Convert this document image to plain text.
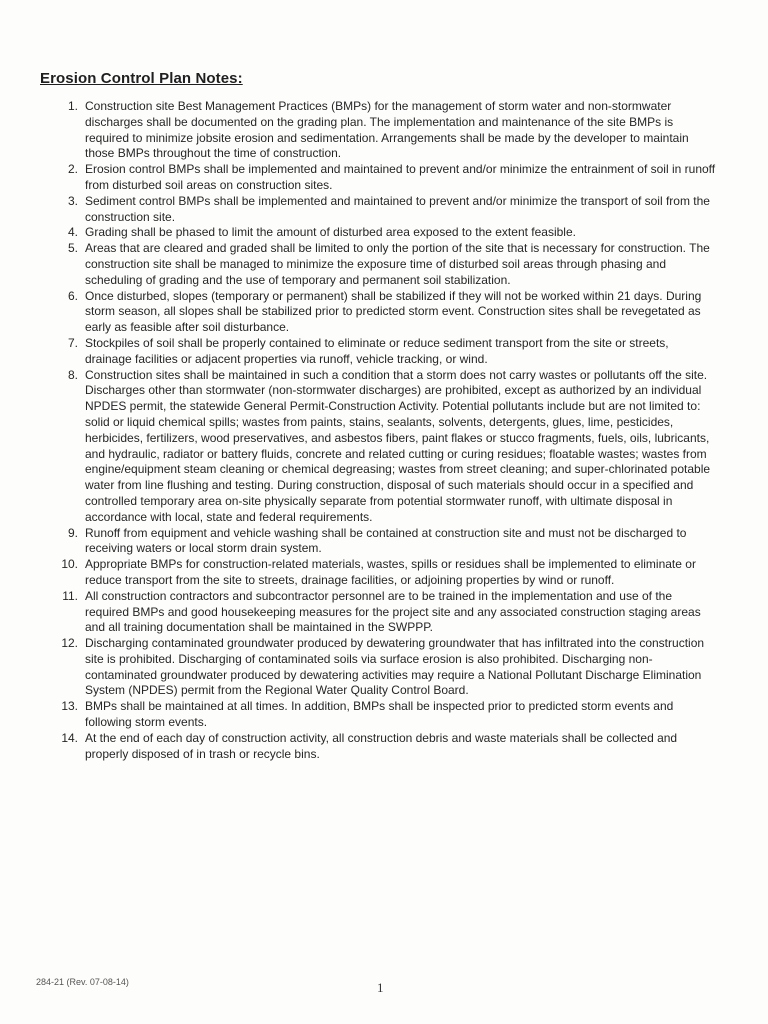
Erosion Control Plan Notes:
1. Construction site Best Management Practices (BMPs) for the management of storm water and non-stormwater discharges shall be documented on the grading plan. The implementation and maintenance of the site BMPs is required to minimize jobsite erosion and sedimentation. Arrangements shall be made by the developer to maintain those BMPs throughout the time of construction.
2. Erosion control BMPs shall be implemented and maintained to prevent and/or minimize the entrainment of soil in runoff from disturbed soil areas on construction sites.
3. Sediment control BMPs shall be implemented and maintained to prevent and/or minimize the transport of soil from the construction site.
4. Grading shall be phased to limit the amount of disturbed area exposed to the extent feasible.
5. Areas that are cleared and graded shall be limited to only the portion of the site that is necessary for construction. The construction site shall be managed to minimize the exposure time of disturbed soil areas through phasing and scheduling of grading and the use of temporary and permanent soil stabilization.
6. Once disturbed, slopes (temporary or permanent) shall be stabilized if they will not be worked within 21 days. During storm season, all slopes shall be stabilized prior to predicted storm event. Construction sites shall be revegetated as early as feasible after soil disturbance.
7. Stockpiles of soil shall be properly contained to eliminate or reduce sediment transport from the site or streets, drainage facilities or adjacent properties via runoff, vehicle tracking, or wind.
8. Construction sites shall be maintained in such a condition that a storm does not carry wastes or pollutants off the site. Discharges other than stormwater (non-stormwater discharges) are prohibited, except as authorized by an individual NPDES permit, the statewide General Permit-Construction Activity. Potential pollutants include but are not limited to: solid or liquid chemical spills; wastes from paints, stains, sealants, solvents, detergents, glues, lime, pesticides, herbicides, fertilizers, wood preservatives, and asbestos fibers, paint flakes or stucco fragments, fuels, oils, lubricants, and hydraulic, radiator or battery fluids, concrete and related cutting or curing residues; floatable wastes; wastes from engine/equipment steam cleaning or chemical degreasing; wastes from street cleaning; and super-chlorinated potable water from line flushing and testing. During construction, disposal of such materials should occur in a specified and controlled temporary area on-site physically separate from potential stormwater runoff, with ultimate disposal in accordance with local, state and federal requirements.
9. Runoff from equipment and vehicle washing shall be contained at construction site and must not be discharged to receiving waters or local storm drain system.
10. Appropriate BMPs for construction-related materials, wastes, spills or residues shall be implemented to eliminate or reduce transport from the site to streets, drainage facilities, or adjoining properties by wind or runoff.
11. All construction contractors and subcontractor personnel are to be trained in the implementation and use of the required BMPs and good housekeeping measures for the project site and any associated construction staging areas and all training documentation shall be maintained in the SWPPP.
12. Discharging contaminated groundwater produced by dewatering groundwater that has infiltrated into the construction site is prohibited. Discharging of contaminated soils via surface erosion is also prohibited. Discharging non-contaminated groundwater produced by dewatering activities may require a National Pollutant Discharge Elimination System (NPDES) permit from the Regional Water Quality Control Board.
13. BMPs shall be maintained at all times. In addition, BMPs shall be inspected prior to predicted storm events and following storm events.
14. At the end of each day of construction activity, all construction debris and waste materials shall be collected and properly disposed of in trash or recycle bins.
284-21 (Rev. 07-08-14)	1
